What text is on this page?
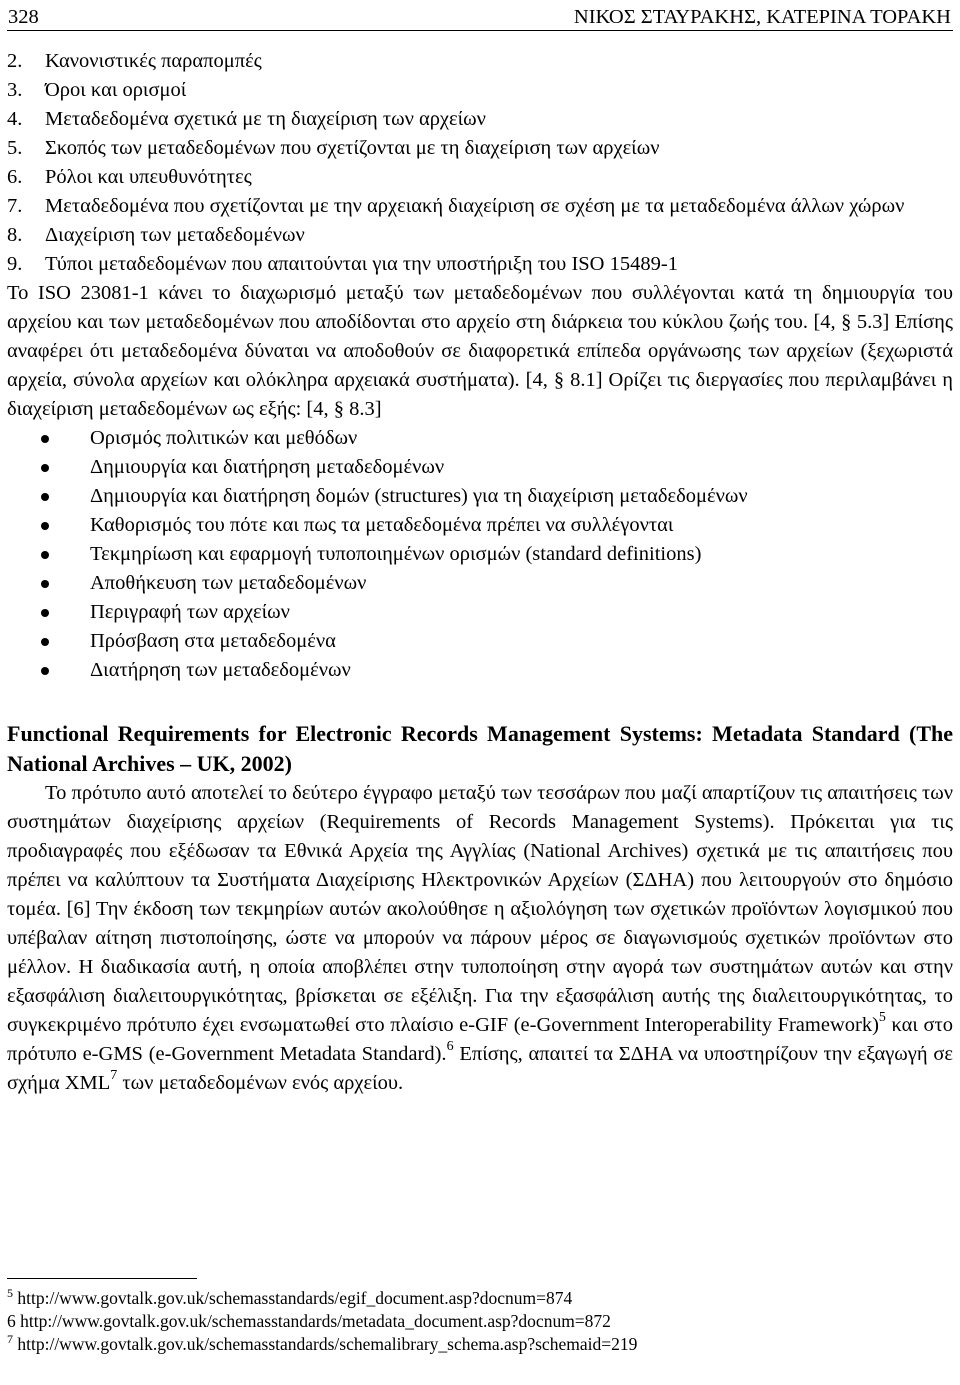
328	ΝΙΚΟΣ ΣΤΑΥΡΑΚΗΣ, ΚΑΤΕΡΙΝΑ ΤΟΡΑΚΗ
2. Κανονιστικές παραπομπές
3. Όροι και ορισμοί
4. Μεταδεδομένα σχετικά με τη διαχείριση των αρχείων
5. Σκοπός των μεταδεδομένων που σχετίζονται με τη διαχείριση των αρχείων
6. Ρόλοι και υπευθυνότητες
7. Μεταδεδομένα που σχετίζονται με την αρχειακή διαχείριση σε σχέση με τα μεταδεδομένα άλλων χώρων
8. Διαχείριση των μεταδεδομένων
9. Τύποι μεταδεδομένων που απαιτούνται για την υποστήριξη του ISO 15489-1

Το ISO 23081-1 κάνει το διαχωρισμό μεταξύ των μεταδεδομένων που συλλέγονται κατά τη δημιουργία του αρχείου και των μεταδεδομένων που αποδίδονται στο αρχείο στη διάρκεια του κύκλου ζωής του. [4, § 5.3] Επίσης αναφέρει ότι μεταδεδομένα δύναται να αποδοθούν σε διαφορετικά επίπεδα οργάνωσης των αρχείων (ξεχωριστά αρχεία, σύνολα αρχείων και ολόκληρα αρχειακά συστήματα). [4, § 8.1] Ορίζει τις διεργασίες που περιλαμβάνει η διαχείριση μεταδεδομένων ως εξής: [4, § 8.3]

Ορισμός πολιτικών και μεθόδων
Δημιουργία και διατήρηση μεταδεδομένων
Δημιουργία και διατήρηση δομών (structures) για τη διαχείριση μεταδεδομένων
Καθορισμός του πότε και πως τα μεταδεδομένα πρέπει να συλλέγονται
Τεκμηρίωση και εφαρμογή τυποποιημένων ορισμών (standard definitions)
Αποθήκευση των μεταδεδομένων
Περιγραφή των αρχείων
Πρόσβαση στα μεταδεδομένα
Διατήρηση των μεταδεδομένων
Functional Requirements for Electronic Records Management Systems: Metadata Standard (The National Archives – UK, 2002)

Το πρότυπο αυτό αποτελεί το δεύτερο έγγραφο μεταξύ των τεσσάρων που μαζί απαρτίζουν τις απαιτήσεις των συστημάτων διαχείρισης αρχείων (Requirements of Records Management Systems). Πρόκειται για τις προδιαγραφές που εξέδωσαν τα Εθνικά Αρχεία της Αγγλίας (National Archives) σχετικά με τις απαιτήσεις που πρέπει να καλύπτουν τα Συστήματα Διαχείρισης Ηλεκτρονικών Αρχείων (ΣΔΗΑ) που λειτουργούν στο δημόσιο τομέα. [6] Την έκδοση των τεκμηρίων αυτών ακολούθησε η αξιολόγηση των σχετικών προϊόντων λογισμικού που υπέβαλαν αίτηση πιστοποίησης, ώστε να μπορούν να πάρουν μέρος σε διαγωνισμούς σχετικών προϊόντων στο μέλλον. Η διαδικασία αυτή, η οποία αποβλέπει στην τυποποίηση στην αγορά των συστημάτων αυτών και στην εξασφάλιση διαλειτουργικότητας, βρίσκεται σε εξέλιξη. Για την εξασφάλιση αυτής της διαλειτουργικότητας, το συγκεκριμένο πρότυπο έχει ενσωματωθεί στο πλαίσιο e-GIF (e-Government Interoperability Framework)$^5$ και στο πρότυπο e-GMS (e-Government Metadata Standard).$^6$ Επίσης, απαιτεί τα ΣΔΗΑ να υποστηρίζουν την εξαγωγή σε σχήμα XML$^7$ των μεταδεδομένων ενός αρχείου.

$^5$ http://www.govtalk.gov.uk/schemasstandards/egif_document.asp?docnum=874
6 http://www.govtalk.gov.uk/schemasstandards/metadata_document.asp?docnum=872
$^7$ http://www.govtalk.gov.uk/schemasstandards/schemalibrary_schema.asp?schemaid=219
